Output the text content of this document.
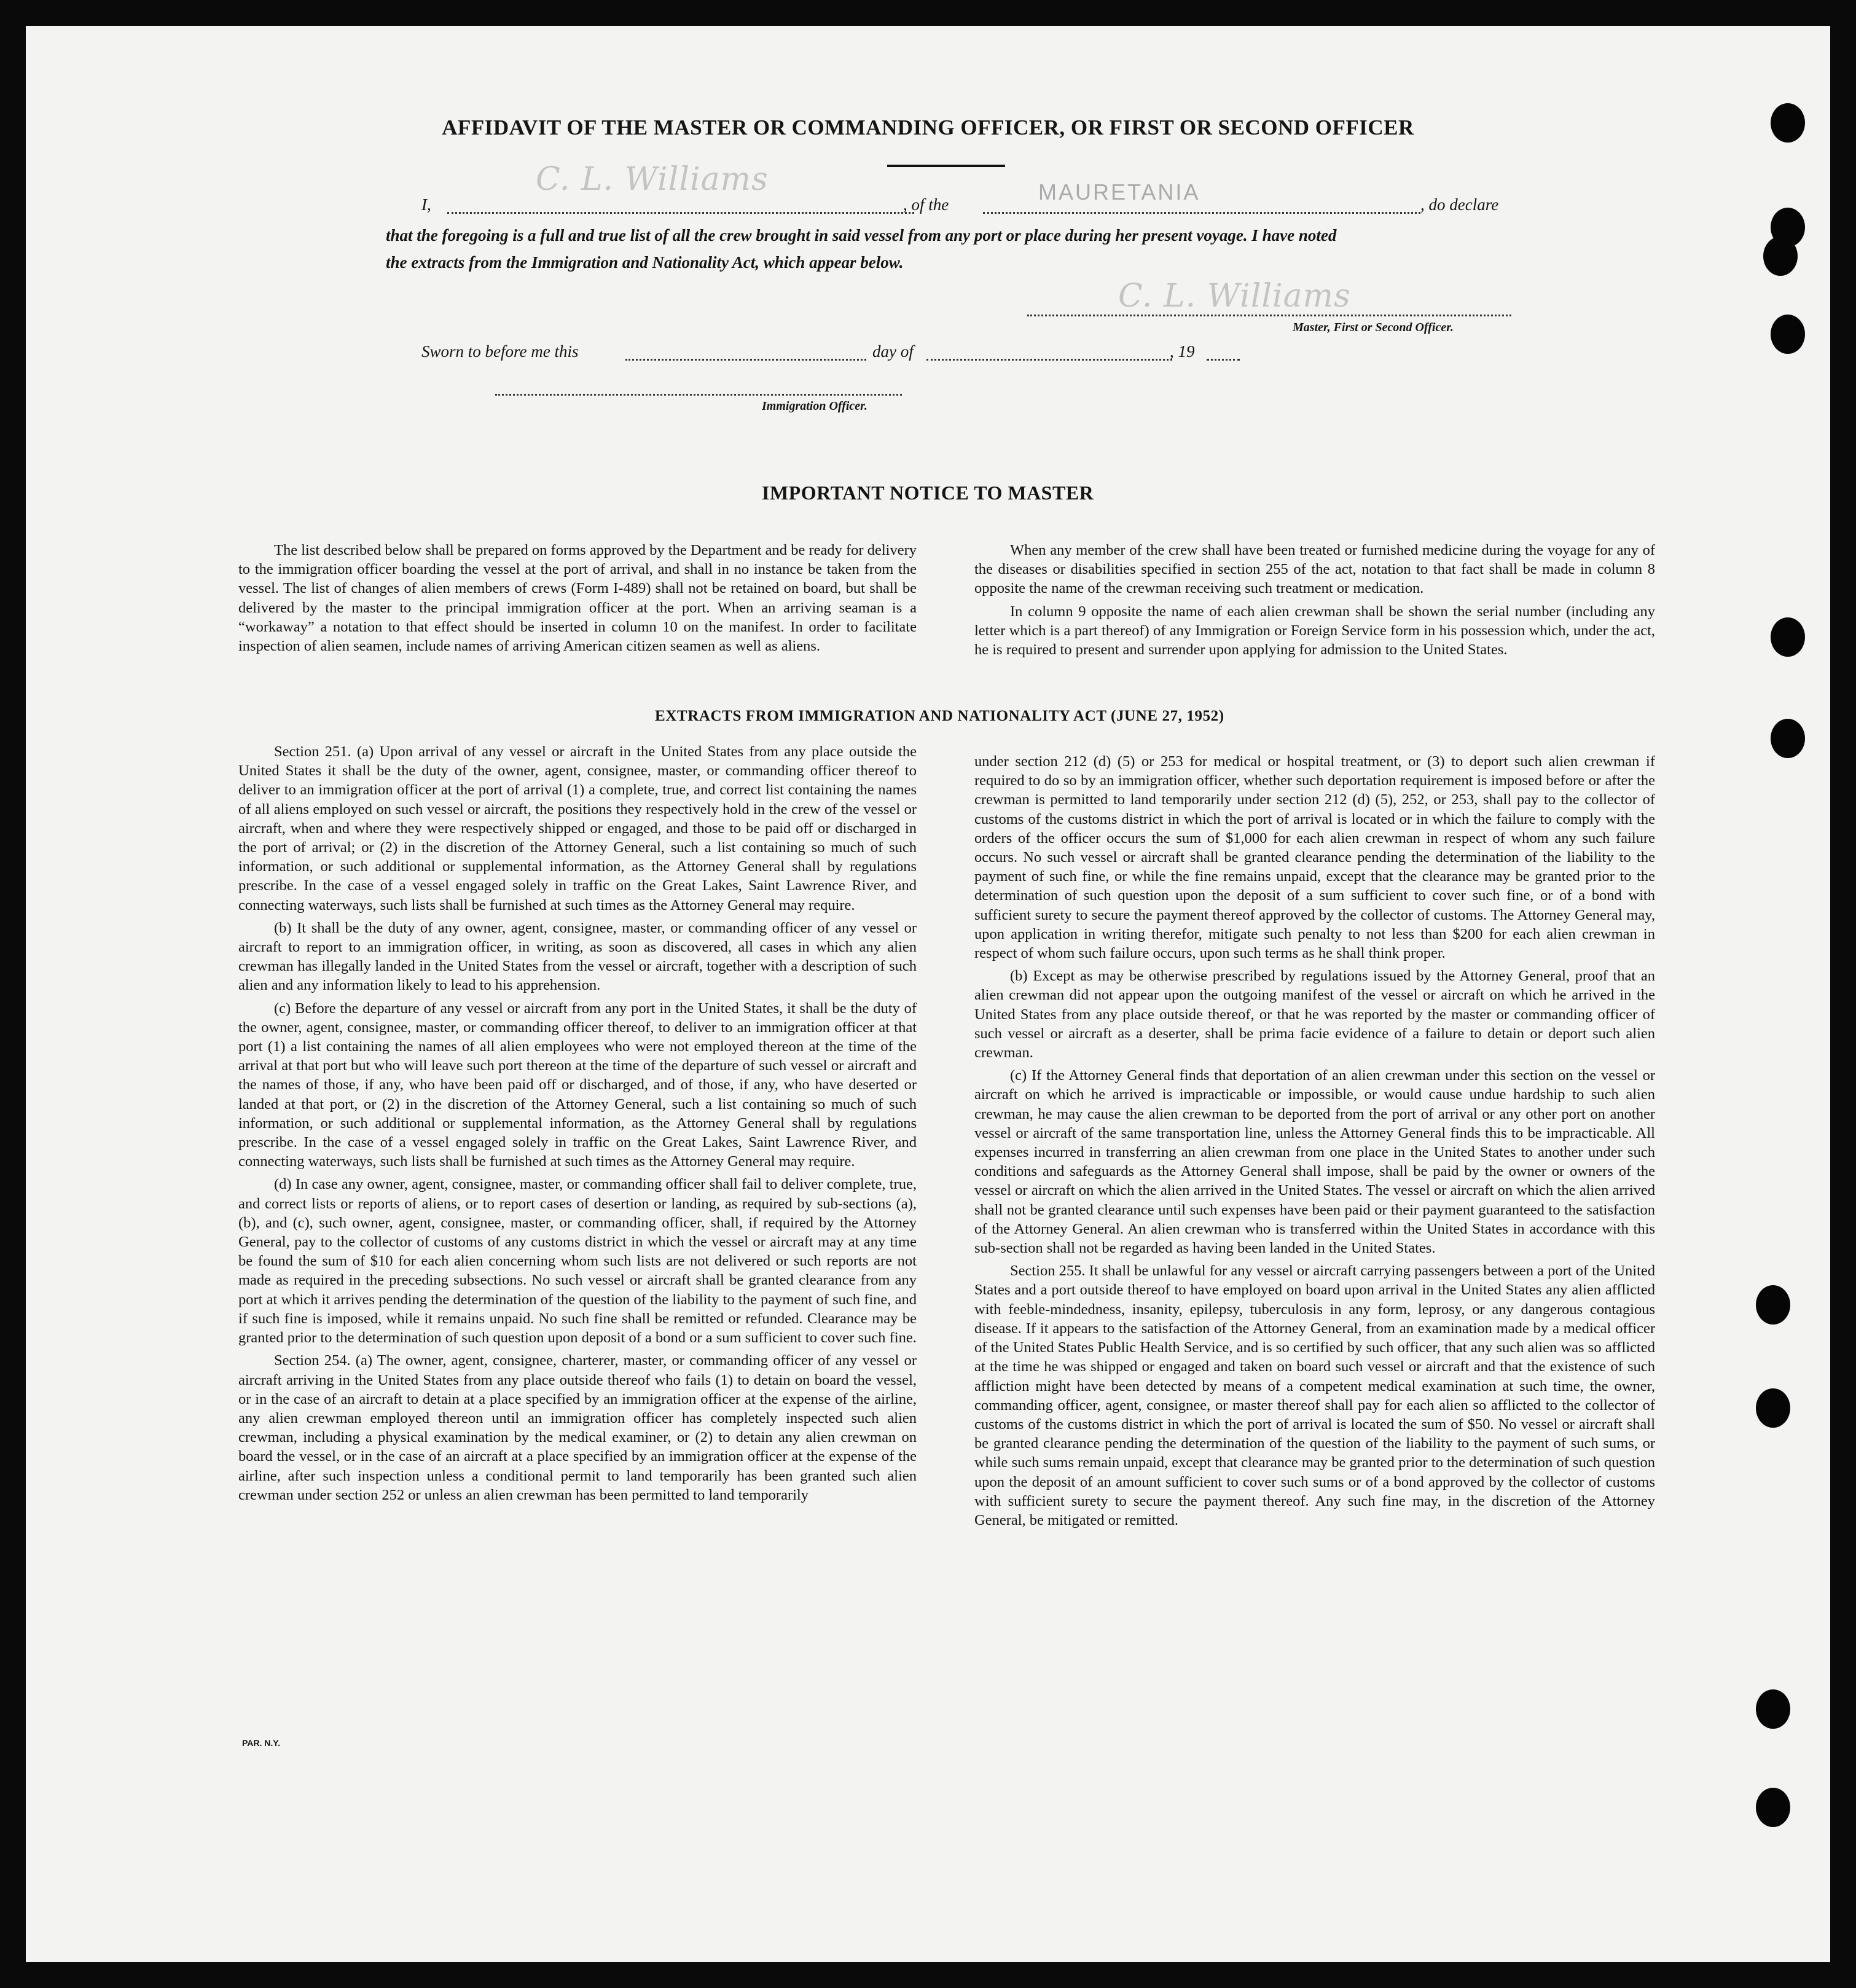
AFFIDAVIT OF THE MASTER OR COMMANDING OFFICER, OR FIRST OR SECOND OFFICER
I,
C. L. Williams
, of the	MAURETANIA	, do declare
that the foregoing is a full and true list of all the crew brought in said vessel from any port or place during her present voyage. I have noted
the extracts from the Immigration and Nationality Act, which appear below.
C. L. Williams
Master, First or Second Officer.
Sworn to before me this	day of	, 19
Immigration Officer.
IMPORTANT NOTICE TO MASTER

The list described below shall be prepared on forms approved by the Department and be ready for delivery to the immigration officer boarding the vessel at the port of arrival, and shall in no instance be taken from the vessel. The list of changes of alien members of crews (Form I-489) shall not be retained on board, but shall be delivered by the master to the principal immigration officer at the port. When an arriving seaman is a “workaway” a notation to that effect should be inserted in column 10 on the manifest. In order to facilitate inspection of alien seamen, include names of arriving American citizen seamen as well as aliens.

When any member of the crew shall have been treated or furnished medicine during the voyage for any of the diseases or disabilities specified in section 255 of the act, notation to that fact shall be made in column 8 opposite the name of the crewman receiving such treatment or medication.

In column 9 opposite the name of each alien crewman shall be shown the serial number (including any letter which is a part thereof) of any Immigration or Foreign Service form in his possession which, under the act, he is required to present and surrender upon applying for admission to the United States.

EXTRACTS FROM IMMIGRATION AND NATIONALITY ACT (JUNE 27, 1952)

Section 251. (a) Upon arrival of any vessel or aircraft in the United States from any place outside the United States it shall be the duty of the owner, agent, consignee, master, or commanding officer thereof to deliver to an immigration officer at the port of arrival (1) a complete, true, and correct list containing the names of all aliens employed on such vessel or aircraft, the positions they respectively hold in the crew of the vessel or aircraft, when and where they were respectively shipped or engaged, and those to be paid off or discharged in the port of arrival; or (2) in the discretion of the Attorney General, such a list containing so much of such information, or such additional or supplemental information, as the Attorney General shall by regulations prescribe. In the case of a vessel engaged solely in traffic on the Great Lakes, Saint Lawrence River, and connecting waterways, such lists shall be furnished at such times as the Attorney General may require.

(b) It shall be the duty of any owner, agent, consignee, master, or commanding officer of any vessel or aircraft to report to an immigration officer, in writing, as soon as discovered, all cases in which any alien crewman has illegally landed in the United States from the vessel or aircraft, together with a description of such alien and any information likely to lead to his apprehension.

(c) Before the departure of any vessel or aircraft from any port in the United States, it shall be the duty of the owner, agent, consignee, master, or commanding officer thereof, to deliver to an immigration officer at that port (1) a list containing the names of all alien employees who were not employed thereon at the time of the arrival at that port but who will leave such port thereon at the time of the departure of such vessel or aircraft and the names of those, if any, who have been paid off or discharged, and of those, if any, who have deserted or landed at that port, or (2) in the discretion of the Attorney General, such a list containing so much of such information, or such additional or supplemental information, as the Attorney General shall by regulations prescribe. In the case of a vessel engaged solely in traffic on the Great Lakes, Saint Lawrence River, and connecting waterways, such lists shall be furnished at such times as the Attorney General may require.

(d) In case any owner, agent, consignee, master, or commanding officer shall fail to deliver complete, true, and correct lists or reports of aliens, or to report cases of desertion or landing, as required by sub-sections (a), (b), and (c), such owner, agent, consignee, master, or commanding officer, shall, if required by the Attorney General, pay to the collector of customs of any customs district in which the vessel or aircraft may at any time be found the sum of $10 for each alien concerning whom such lists are not delivered or such reports are not made as required in the preceding subsections. No such vessel or aircraft shall be granted clearance from any port at which it arrives pending the determination of the question of the liability to the payment of such fine, and if such fine is imposed, while it remains unpaid. No such fine shall be remitted or refunded. Clearance may be granted prior to the determination of such question upon deposit of a bond or a sum sufficient to cover such fine.

Section 254. (a) The owner, agent, consignee, charterer, master, or commanding officer of any vessel or aircraft arriving in the United States from any place outside thereof who fails (1) to detain on board the vessel, or in the case of an aircraft to detain at a place specified by an immigration officer at the expense of the airline, any alien crewman employed thereon until an immigration officer has completely inspected such alien crewman, including a physical examination by the medical examiner, or (2) to detain any alien crewman on board the vessel, or in the case of an aircraft at a place specified by an immigration officer at the expense of the airline, after such inspection unless a conditional permit to land temporarily has been granted such alien crewman under section 252 or unless an alien crewman has been permitted to land temporarily

under section 212 (d) (5) or 253 for medical or hospital treatment, or (3) to deport such alien crewman if required to do so by an immigration officer, whether such deportation requirement is imposed before or after the crewman is permitted to land temporarily under section 212 (d) (5), 252, or 253, shall pay to the collector of customs of the customs district in which the port of arrival is located or in which the failure to comply with the orders of the officer occurs the sum of $1,000 for each alien crewman in respect of whom any such failure occurs. No such vessel or aircraft shall be granted clearance pending the determination of the liability to the payment of such fine, or while the fine remains unpaid, except that the clearance may be granted prior to the determination of such question upon the deposit of a sum sufficient to cover such fine, or of a bond with sufficient surety to secure the payment thereof approved by the collector of customs. The Attorney General may, upon application in writing therefor, mitigate such penalty to not less than $200 for each alien crewman in respect of whom such failure occurs, upon such terms as he shall think proper.

(b) Except as may be otherwise prescribed by regulations issued by the Attorney General, proof that an alien crewman did not appear upon the outgoing manifest of the vessel or aircraft on which he arrived in the United States from any place outside thereof, or that he was reported by the master or commanding officer of such vessel or aircraft as a deserter, shall be prima facie evidence of a failure to detain or deport such alien crewman.

(c) If the Attorney General finds that deportation of an alien crewman under this section on the vessel or aircraft on which he arrived is impracticable or impossible, or would cause undue hardship to such alien crewman, he may cause the alien crewman to be deported from the port of arrival or any other port on another vessel or aircraft of the same transportation line, unless the Attorney General finds this to be impracticable. All expenses incurred in transferring an alien crewman from one place in the United States to another under such conditions and safeguards as the Attorney General shall impose, shall be paid by the owner or owners of the vessel or aircraft on which the alien arrived in the United States. The vessel or aircraft on which the alien arrived shall not be granted clearance until such expenses have been paid or their payment guaranteed to the satisfaction of the Attorney General. An alien crewman who is transferred within the United States in accordance with this sub-section shall not be regarded as having been landed in the United States.

Section 255. It shall be unlawful for any vessel or aircraft carrying passengers between a port of the United States and a port outside thereof to have employed on board upon arrival in the United States any alien afflicted with feeble-mindedness, insanity, epilepsy, tuberculosis in any form, leprosy, or any dangerous contagious disease. If it appears to the satisfaction of the Attorney General, from an examination made by a medical officer of the United States Public Health Service, and is so certified by such officer, that any such alien was so afflicted at the time he was shipped or engaged and taken on board such vessel or aircraft and that the existence of such affliction might have been detected by means of a competent medical examination at such time, the owner, commanding officer, agent, consignee, or master thereof shall pay for each alien so afflicted to the collector of customs of the customs district in which the port of arrival is located the sum of $50. No vessel or aircraft shall be granted clearance pending the determination of the question of the liability to the payment of such sums, or while such sums remain unpaid, except that clearance may be granted prior to the determination of such question upon the deposit of an amount sufficient to cover such sums or of a bond approved by the collector of customs with sufficient surety to secure the payment thereof. Any such fine may, in the discretion of the Attorney General, be mitigated or remitted.

PAR. N.Y.
